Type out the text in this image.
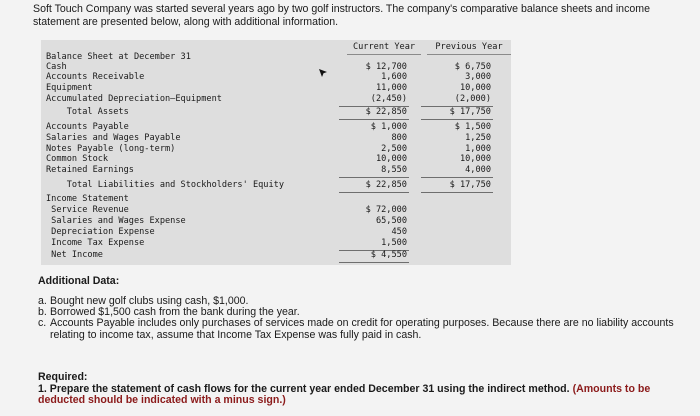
Soft Touch Company was started several years ago by two golf instructors. The company's comparative balance sheets and income statement are presented below, along with additional information.
Current Year	Previous Year
Balance Sheet at December 31
Cash	$ 12,700	$ 6,750
Accounts Receivable	1,600	3,000
Equipment	11,000	10,000
Accumulated Depreciation–Equipment	(2,450)	(2,000)
Total Assets	$ 22,850	$ 17,750
Accounts Payable	$ 1,000	$ 1,500
Salaries and Wages Payable	800	1,250
Notes Payable (long-term)	2,500	1,000
Common Stock	10,000	10,000
Retained Earnings	8,550	4,000
Total Liabilities and Stockholders' Equity	$ 22,850	$ 17,750
Income Statement
Service Revenue	$ 72,000
Salaries and Wages Expense	65,500
Depreciation Expense	450
Income Tax Expense	1,500
Net Income	$ 4,550
Additional Data:
a. Bought new golf clubs using cash, $1,000.
b. Borrowed $1,500 cash from the bank during the year.
c. Accounts Payable includes only purchases of services made on credit for operating purposes. Because there are no liability accounts relating to income tax, assume that Income Tax Expense was fully paid in cash.
Required:
1. Prepare the statement of cash flows for the current year ended December 31 using the indirect method. (Amounts to be deducted should be indicated with a minus sign.)
